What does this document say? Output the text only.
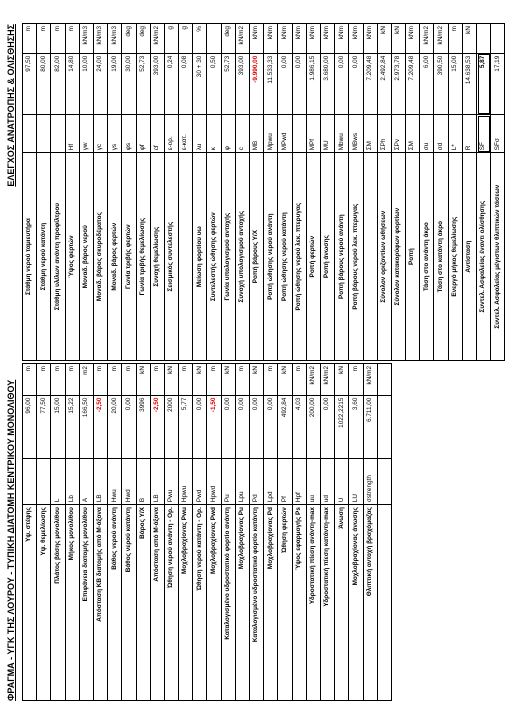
ΦΡΑΓΜΑ - ΥΓΚ ΤΗΣ ΛΟΥΡΟΥ - ΤΥΠΙΚΗ ΔΙΑΤΟΜΗ ΚΕΝΤΡΙΚΟΥ ΜΟΝΟΛΙΘΟΥ
ΕΛΕΓΧΟΣ ΑΝΑΤΡΟΠΗΣ & ΟΛΙΣΘΗΣΗΣ
Υψ. στέψης		96,00	m
Υψ. θεμελίωσης		77,50	m
Πλάτος βάσης μονολίθου	L	15,00	m
Μήκος μονολίθου	Lb	15,22	m
Επιφάνεια διατομής μονολίθου	A	166,50	m2
Απόσταση ΚΒ διατομής από Μ-άξονα	LB	-2,50	m
Βάθος νερού ανάντη	Hwu	20,00	m
Βάθος νερού κατάντη	Hwd	0,00	m
Βάρος Υ/Χ	B	3996	kN
Απόσταση από Μ-άξονα	LB	-2,50	m
Ώθηση νερού ανάντη - Ορ.	Pwu	2000	kN
Μοχλοβραχίονας Pwu	Hpwu	5,77	m
Ώθηση νερού κατάντη - Ορ.	Pwd	0,00	kN
Μοχλοβραχίονας Pwd	Hpwd	-1,50	m
Καταλογισμένο υδροστατικό φορτίο ανάντη	Pu	0,00	kN
Μοχλοβραχίονας Pu	Lpu	0,00	m
Καταλογισμένο υδροστατικό φορτίο κατάντη	Pd	0,00	kN
Μοχλοβραχίονας Pd	Lpd	0,00	m
Ώθηση φερτών	Pf	492,84	kN
Ύψος εφαρμογής Ps	Hpf	4,03	m
Υδροστατική πίεση ανάντη-max	uu	200,00	kN/m2
Υδροστατική πίεση κατάντη-max	ud	0,00	kN/m2
Άνωση	U	1022,2215	kN
Μοχλοβραχίονας άνωσης	LU	3,60	m
Θλιπτική αντοχή βραχόμαζας	σstrength	6.711,00	kN/m2

Στάθμη νερού ταμιευτήρα		97,50	m
Στάθμη νερού κατάντη		80,00	m
Στάθμη υλ/λων ανάντη προφίλτρου		82,00	m
Ύψος φερτών	Hf	14,80	m
Μοναδ. βάρος νερού	γw	10,00	kN/m3
Μοναδ. βάρος σκυροδέματος	γc	24,00	kN/m3
Μοναδ. βάρος φερτών	γs	19,00	kN/m3
Γωνία τριβής φερτών	φs	30,00	deg
Γωνία τριβής θεμελίωσης	φf	52,73	deg
Συνοχή θεμελίωσης	cf	393,00	kN/m2
Σεισμικός συντελεστής	ε-ορ.	0,24	g
	ε-κατ.	0,08	g
Μείωση φορτίου υω	λu	30 + 30	%
Συντελεστής ώθησης φερτών	κ	0,50	
Γωνία υπολογισμού αντοχής	φ	52,73	deg
Συνοχή υπολογισμού αντοχής	c	393,00	kN/m2
Ροπή βάρους Υ/Χ	MB	-9.990,00	kNm
Ροπή ώθησης νερού ανάντη	Mpwu	11.533,33	kNm
Ροπή ώθησης νερού κατάντη	MPwd	0,00	kNm
Ροπή ώθησης νερού λεκ. πτερυγας		0,00	kNm
Ροπή φερτών	MPf	1.986,15	kNm
Ροπή άνωσης	MU	3.680,00	kNm
Ροπή βάρους νερού ανάντη	Mbwu	0,00	kNm
Ροπή βάρους νερού λεκ. πτερυγας	MBws	0,00	kNm
	ΣM	7.209,48	kNm
Σύνολον οριζοντίων ωθήσεων	ΣPh	2.492,84	kN
Σύνολον κατακορύφων φορτίων	ΣPv	2.973,78	kN
Ροπή	ΣM	7.209,48	kNm
Τάση στο ανάντη άκρο	σu	6,00	kN/m2
Τάση στο κατάντη άκρο	σd	390,50	kN/m2
Ενεργό μήκος θεμελίωσης	L*	15,00	m
Αντίσταση	R	14.638,53	kN
Συντελ. Ασφαλείας έναντι ολίσθησης	SF	5,87	
Συντελ. Ασφαλείας μέγιστων θλιπτικών τάσεων	SFσ	17,19	
